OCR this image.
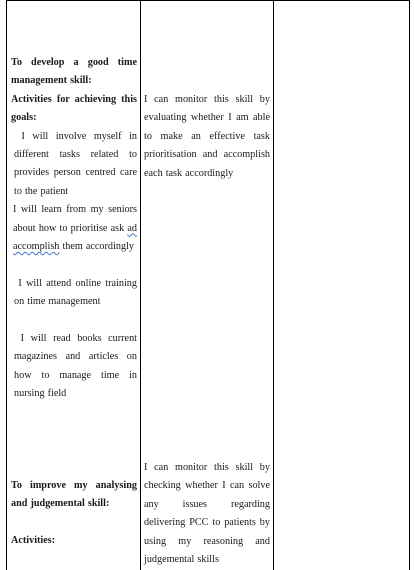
To develop a good time management skill:

Activities for achieving this goals:

I will involve myself in different tasks related to provides person centred care to the patient

I will learn from my seniors about how to prioritise ask ad accomplish them accordingly

I will attend online training on time management

I will read books current magazines and articles on how to manage time in nursing field

To improve my analysing and judgemental skill:

Activities:

I can monitor this skill by evaluating whether I am able to make an effective task prioritisation and accomplish each task accordingly

I can monitor this skill by checking whether I can solve any issues regarding delivering PCC to patients by using my reasoning and judgemental skills
